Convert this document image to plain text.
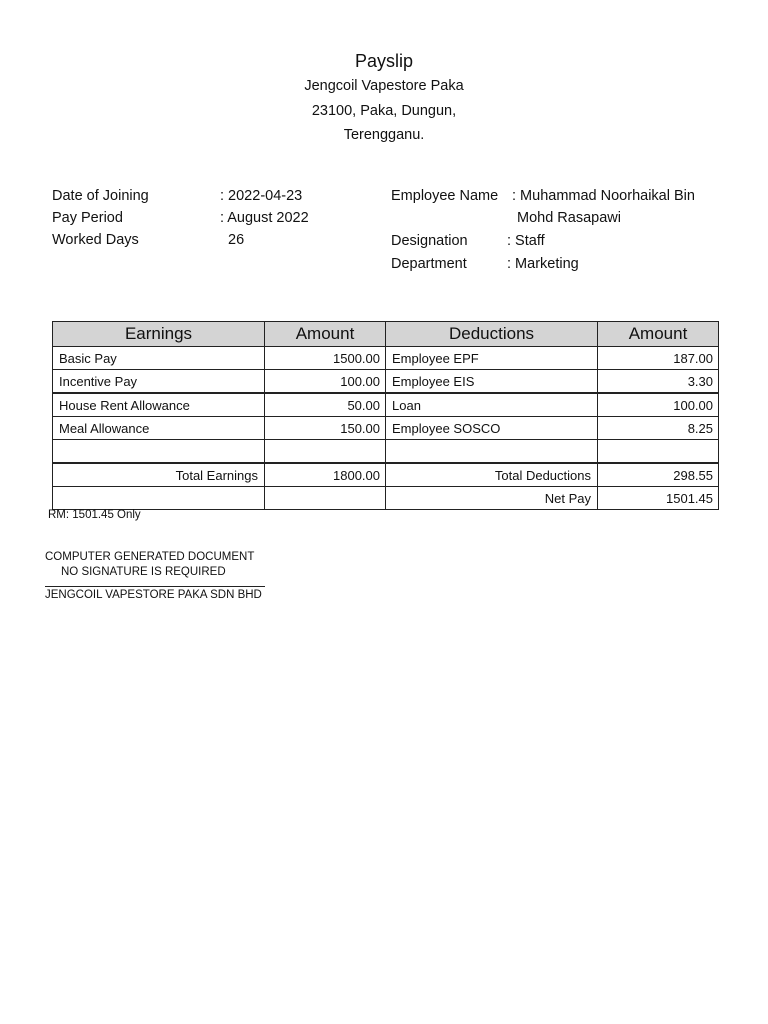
Payslip
Jengcoil Vapestore Paka
23100, Paka, Dungun,
Terengganu.
Date of Joining	: 2022-04-23
Pay Period	: August 2022
Worked Days	26
Employee Name : Muhammad Noorhaikal Bin
Mohd Rasapawi
Designation	: Staff
Department	: Marketing
Earnings	Amount	Deductions	Amount
Basic Pay	1500.00	Employee EPF	187.00
Incentive Pay	100.00	Employee EIS	3.30
House Rent Allowance	50.00	Loan	100.00
Meal Allowance	150.00	Employee SOSCO	8.25

Total Earnings	1800.00	Total Deductions	298.55
		Net Pay	1501.45
RM: 1501.45 Only
COMPUTER GENERATED DOCUMENT
NO SIGNATURE IS REQUIRED
JENGCOIL VAPESTORE PAKA SDN BHD
